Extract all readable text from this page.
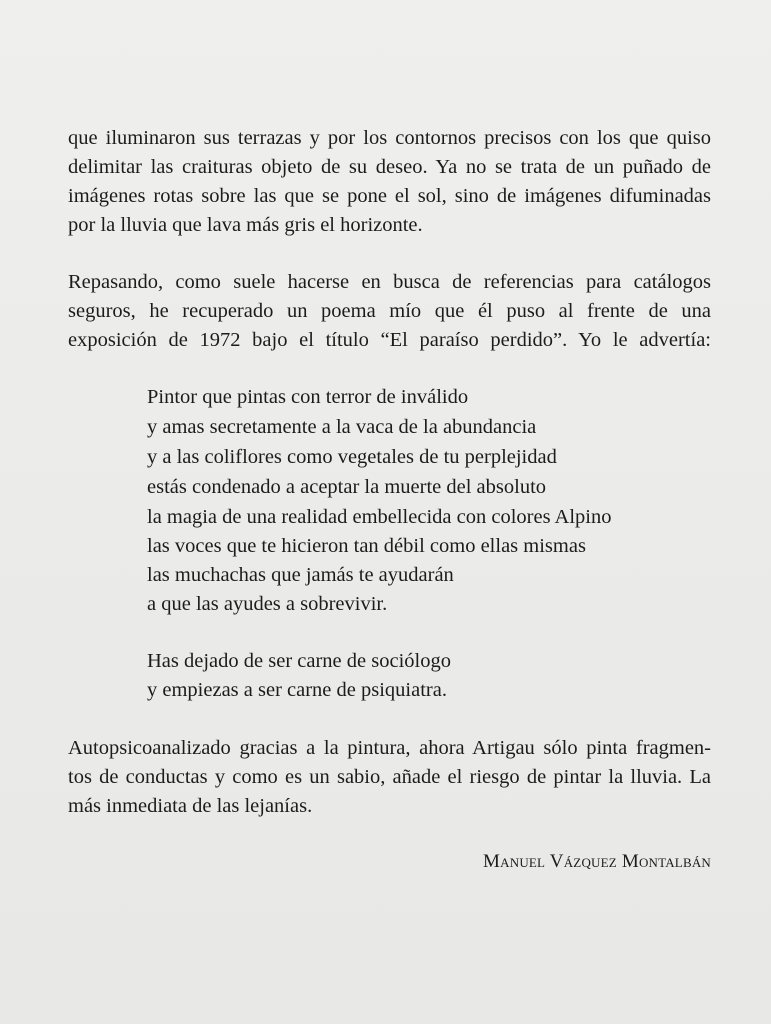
que iluminaron sus terrazas y por los contornos precisos con los que quiso
delimitar las craituras objeto de su deseo. Ya no se trata de un puñado de
imágenes rotas sobre las que se pone el sol, sino de imágenes difuminadas
por la lluvia que lava más gris el horizonte.
Repasando, como suele hacerse en busca de referencias para catálogos
seguros, he recuperado un poema mío que él puso al frente de una
exposición de 1972 bajo el título “El paraíso perdido”. Yo le advertía:
Pintor que pintas con terror de inválido
y amas secretamente a la vaca de la abundancia
y a las coliflores como vegetales de tu perplejidad
estás condenado a aceptar la muerte del absoluto
la magia de una realidad embellecida con colores Alpino
las voces que te hicieron tan débil como ellas mismas
las muchachas que jamás te ayudarán
a que las ayudes a sobrevivir.
Has dejado de ser carne de sociólogo
y empiezas a ser carne de psiquiatra.
Autopsicoanalizado gracias a la pintura, ahora Artigau sólo pinta fragmen-
tos de conductas y como es un sabio, añade el riesgo de pintar la lluvia. La
más inmediata de las lejanías.
Manuel Vázquez Montalbán
